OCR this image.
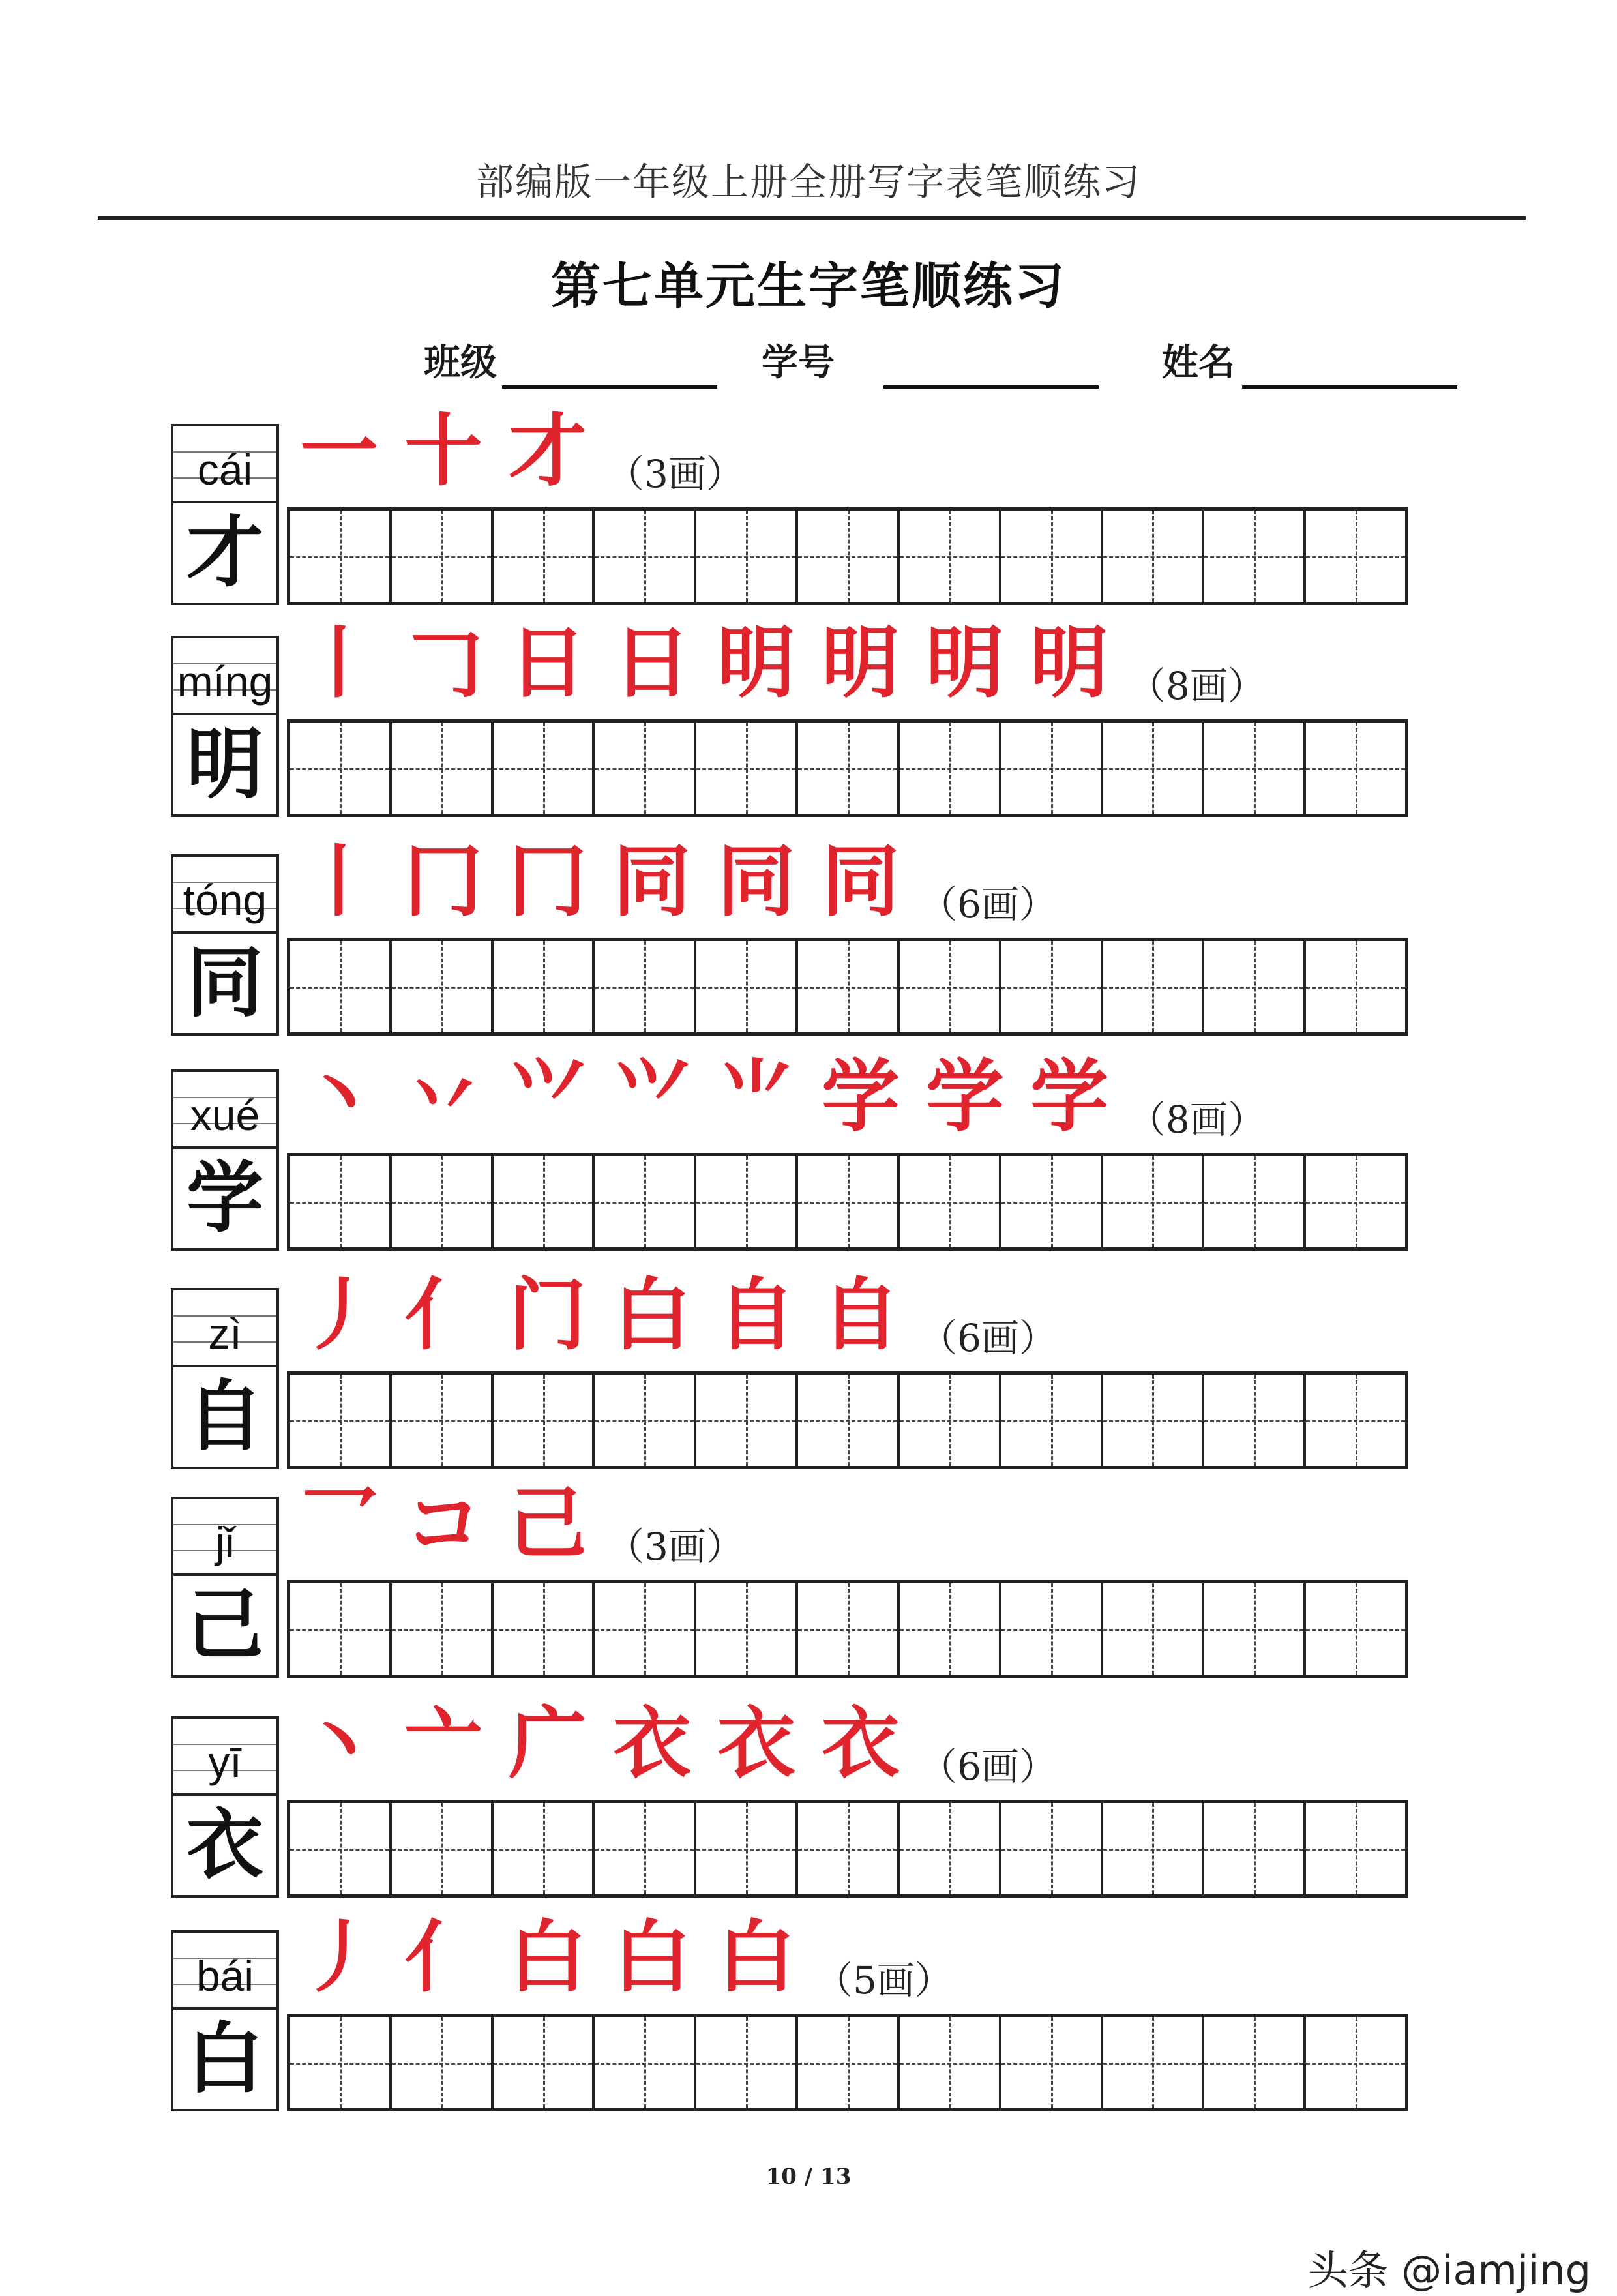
部编版一年级上册全册写字表笔顺练习
第七单元生字笔顺练习
班级	学号	姓名
cái
才
一 十 才 （3画）
míng
明
丨 𠃌 日 日 明 明 明 明 （8画）
tóng
同
丨 冂 冂 同 同 同 （6画）
xué
学
丶 丷 ⺍ ⺍ ⺌ 学 学 学 （8画）
zì
自
丿 亻 门 白 自 自 （6画）
jǐ
己
乛 コ 己 （3画）
yī
衣
丶 亠 广 衣 衣 衣 （6画）
bái
白
丿 亻 白 白 白 （5画）
10 / 13
头条 @iamjing
